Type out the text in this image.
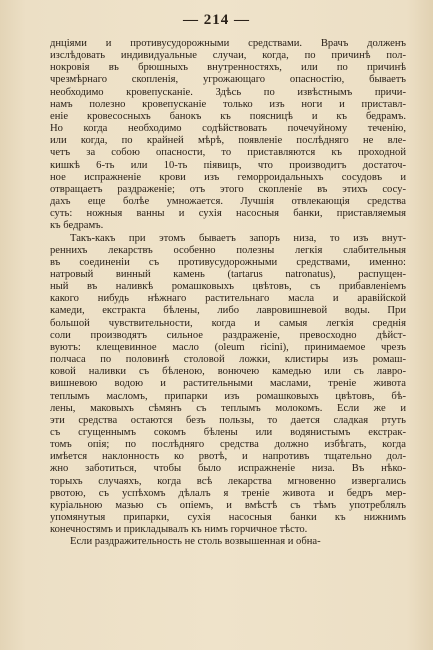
— 214 —
днціями и противусудорожными средствами. Врачъ долженъ
изслѣдовать индивидуальные случаи, когда, по причинѣ пол-
нокровія въ брюшныхъ внутренностяхъ, или по причинѣ
чрезмѣрнаго скопленія, угрожающаго опасностію, бываетъ
необходимо кровепусканіе. Здѣсь по извѣстнымъ причи-
намъ полезно кровепусканіе только изъ ноги и приставл-
еніе кровесосныхъ банокъ къ поясницѣ и къ бедрамъ.
Но когда необходимо содѣйствовать почечуйному теченію,
или когда, по крайней мѣрѣ, появленіе послѣдняго не вле-
четъ за собою опасности, то приставляются къ проходной
кишкѣ 6-ть или 10-ть піявицъ, что производитъ достаточ-
ное испражненіе крови изъ геморроидальныхъ сосудовъ и
отвращаетъ раздраженіе; отъ этого скопленіе въ этихъ сосу-
дахъ еще болѣе умножается. Лучшія отвлекающія средства
суть: ножныя ванны и сухія насосныя банки, приставляемыя
къ бедрамъ.
Такъ-какъ при этомъ бываетъ запоръ низа, то изъ внут-
реннихъ лекарствъ особенно полезны легкія слабительныя
въ соединеніи съ противусудорожными средствами, именно:
натровый винный камень (tartarus natronatus), распущен-
ный въ наливкѣ ромашковыхъ цвѣтовъ, съ прибавленіемъ
какого нибудь нѣжнаго растительнаго масла и аравійской
камеди, екстракта бѣлены, либо лавровишневой воды. При
большой чувствительности, когда и самыя легкія среднія
соли производятъ сильное раздраженіе, превосходно дѣйст-
вуютъ: клещевинное масло (oleum ricini), принимаемое чрезъ
полчаса по половинѣ столовой ложки, клистиры изъ ромаш-
ковой наливки съ бѣленою, вонючею камедью или съ лавро-
вишневою водою и растительными маслами, треніе живота
теплымъ масломъ, припарки изъ ромашковыхъ цвѣтовъ, бѣ-
лены, маковыхъ сѣмянъ съ теплымъ молокомъ. Если же и
эти средства остаются безъ пользы, то дается сладкая ртуть
съ сгущеннымъ сокомъ бѣлены или водянистымъ екстрак-
томъ опія; по послѣдняго средства должно избѣгать, когда
имѣется наклонность ко рвотѣ, и напротивъ тщательно дол-
жно заботиться, чтобы было испражненіе низа. Въ нѣко-
торыхъ случаяхъ, когда всѣ лекарства мгновенно извергались
рвотою, съ успѣхомъ дѣлалъ я треніе живота и бедръ мер-
куріальною мазью съ опіемъ, и вмѣстѣ съ тѣмъ употреблялъ
упомянутыя припарки, сухія насосныя банки къ нижнимъ
конечностямъ и прикладывалъ къ нимъ горчичное тѣсто.
Если раздражительность не столь возвышенная и обна-
